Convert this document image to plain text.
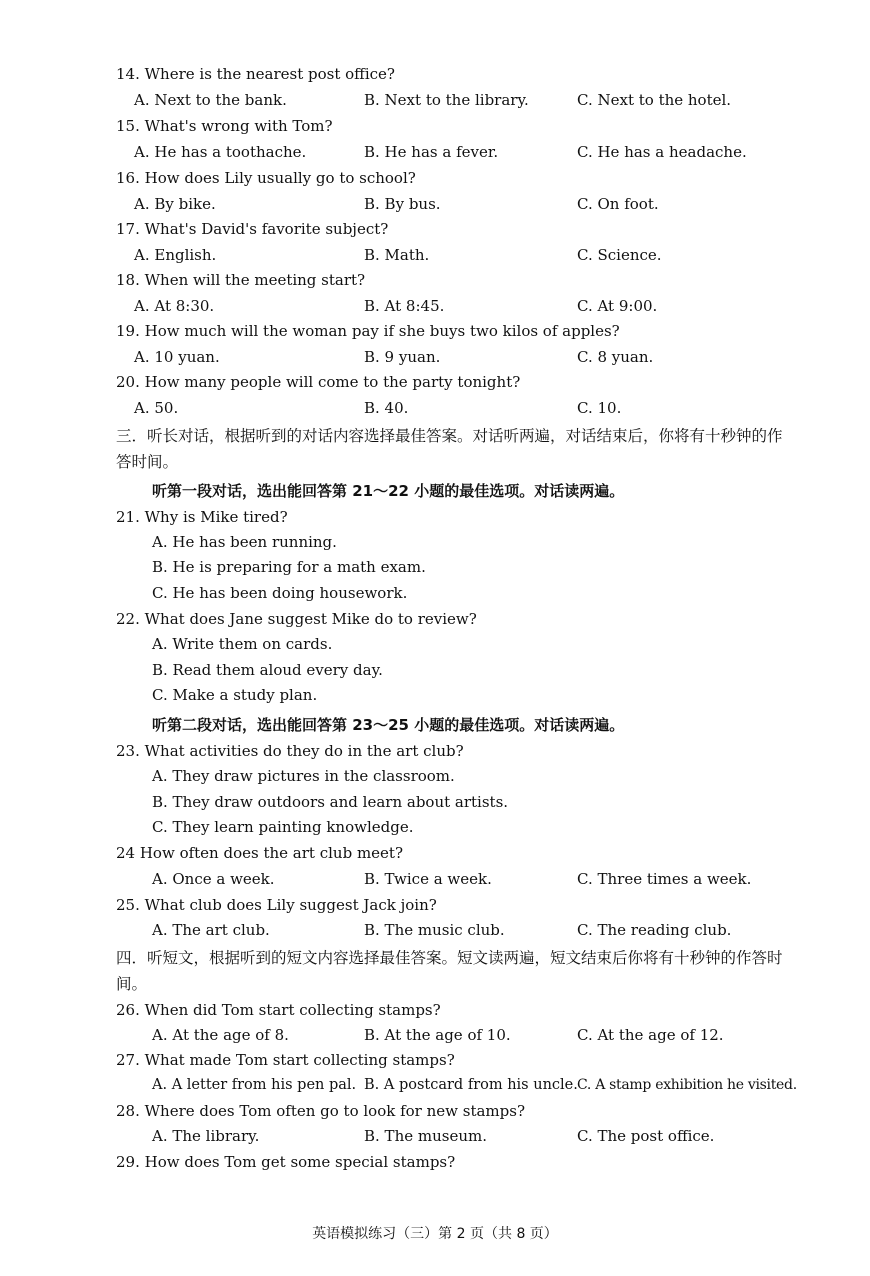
14. Where is the nearest post office?
A. Next to the bank.	B. Next to the library.	C. Next to the hotel.
15. What's wrong with Tom?
A. He has a toothache.	B. He has a fever.	C. He has a headache.
16. How does Lily usually go to school?
A. By bike.	B. By bus.	C. On foot.
17. What's David's favorite subject?
A. English.	B. Math.	C. Science.
18. When will the meeting start?
A. At 8:30.	B. At 8:45.	C. At 9:00.
19. How much will the woman pay if she buys two kilos of apples?
A. 10 yuan.	B. 9 yuan.	C. 8 yuan.
20. How many people will come to the party tonight?
A. 50.	B. 40.	C. 10.
三．听长对话，根据听到的对话内容选择最佳答案。对话听两遍，对话结束后，你将有十秒钟的作答时间。
听第一段对话，选出能回答第 21～22 小题的最佳选项。对话读两遍。
21. Why is Mike tired?
A. He has been running.
B. He is preparing for a math exam.
C. He has been doing housework.
22. What does Jane suggest Mike do to review?
A. Write them on cards.
B. Read them aloud every day.
C. Make a study plan.
听第二段对话，选出能回答第 23～25 小题的最佳选项。对话读两遍。
23. What activities do they do in the art club?
A. They draw pictures in the classroom.
B. They draw outdoors and learn about artists.
C. They learn painting knowledge.
24 How often does the art club meet?
A. Once a week.	B. Twice a week.	C. Three times a week.
25. What club does Lily suggest Jack join?
A. The art club.	B. The music club.	C. The reading club.
四．听短文，根据听到的短文内容选择最佳答案。短文读两遍，短文结束后你将有十秒钟的作答时间。
26. When did Tom start collecting stamps?
A. At the age of 8.	B. At the age of 10.	C. At the age of 12.
27. What made Tom start collecting stamps?
A. A letter from his pen pal. B. A postcard from his uncle. C. A stamp exhibition he visited.
28. Where does Tom often go to look for new stamps?
A. The library.	B. The museum.	C. The post office.
29. How does Tom get some special stamps?
英语模拟练习（三）第 2 页（共 8 页）
